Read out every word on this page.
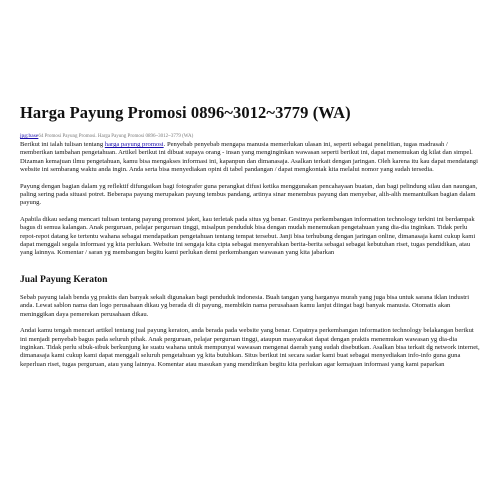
Harga Payung Promosi 0896~3012~3779 (WA)
jpg;base64 Promosi Payung Promosi. Harga Payung Promosi 0896~3012~3779 (WA)

Berikut ini ialah tulisan tentang harga payung promosi. Penyebab penyebab mengapa manusia memerlukan ulasan ini, seperti sebagai penelitian, tugas madrasah / memberikan tambahan pengetahuan. Artikel berikut ini dibuat supaya orang - insan yang menginginkan wawasan seperti berikut ini, dapat menemukan dg kilat dan simpel. Dizaman kemajuan ilmu pengetahuan, kamu bisa mengakses informasi ini, kapanpun dan dimanasaja. Asalkan terkait dengan jaringan. Oleh karena itu kau dapat mendatangi website ini sembarang waktu anda ingin. Anda serta bisa menyediakan opini di tabel pandangan / dapat mengkontak kita melalui nomor yang sudah tersedia.

Payung dengan bagian dalam yg reflektif difungsikan bagi fotografer guna perangkat difusi ketika menggunakan pencahayaan buatan, dan bagi pelindung silau dan naungan, paling sering pada situasi potret. Beberapa payung merupakan payung tembus pandang, artinya sinar menembus payung dan menyebar, alih-alih memantulkan bagian dalam payung.

Apabila dikau sedang mencari tulisan tentang payung promosi jaket, kau terletak pada situs yg benar. Gesitnya perkembangan information technology terkini ini berdampak bagus di semua kalangan. Anak perguruan, pelajar perguruan tinggi, misalpun penduduk bisa dengan mudah menemukan pengetahuan yang dia-dia inginkan. Tidak perlu repot-repot datang ke tertentu wahana sebagai mendapatkan pengetahuan tentang tempat tersebut. Janji bisa terhubung dengan jaringan online, dimanasaja kami cukup kami dapat menggali segala informasi yg kita perlukan. Website ini sengaja kita cipta sebagai menyerahkan berita-berita sebagai sebagai kebutuhan riset, tugas pendidikan, atau yang lainnya. Komentar / saran yg membangun begitu kami perlukan demi perkembangan wawasan yang kita jabarkan

Jual Payung Keraton

Sebab payung ialah benda yg praktis dan banyak sekali digunakan bagi penduduk indonesia. Buah tangan yang harganya murah yang juga bisa untuk sarana iklan industri anda. Lewat sablon nama dan logo perusahaan dikau yg berada di di payung, membikin nama perusahaan kamu lanjut diingat bagi banyak manusia. Otomatis akan meninggikan daya pemerekan perusahaan dikau.

Andai kamu tengah mencari artikel tentang jual payung keraton, anda berada pada website yang benar. Cepatnya perkembangan information technology belakangan berikut ini menjadi penyebab bagus pada seluruh pihak. Anak perguruan, pelajar perguruan tinggi, ataupun masyarakat dapat dengan praktis menemukan wawasan yg dia-dia inginkan. Tidak perlu sibuk-sibuk berkunjung ke suatu wahana untuk mempunyai wawasan mengenai daerah yang sudah disebutkan. Asalkan bisa terkait dg network internet, dimanasaja kami cukup kami dapat menggali seluruh pengetahuan yg kita butuhkan. Situs berikut ini secara sadar kami buat sebagai menyediakan info-info guna guna keperluan riset, tugas perguruan, atau yang lainnya. Komentar atau masukan yang mendirikan begitu kita perlukan agar kemajuan informasi yang kami paparkan
